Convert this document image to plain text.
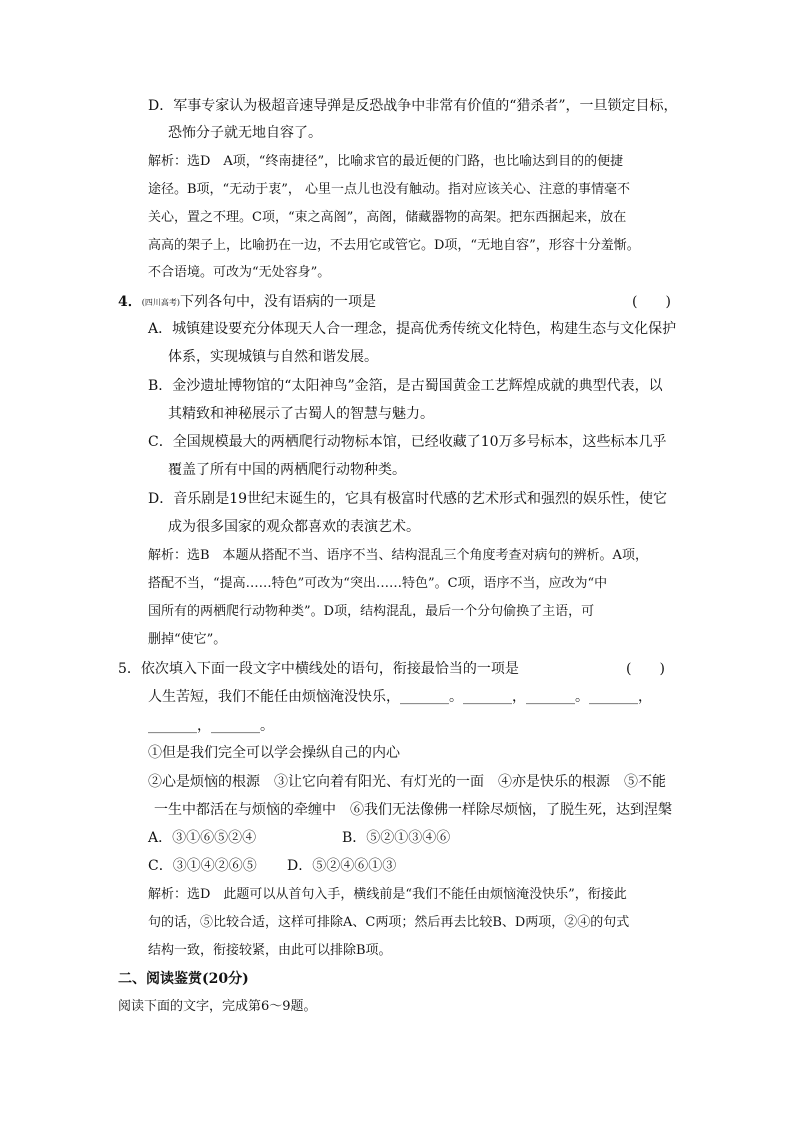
D．军事专家认为极超音速导弹是反恐战争中非常有价值的“猎杀者”，一旦锁定目标，
恐怖分子就无地自容了。
解析：选D　A项，“终南捷径”，比喻求官的最近便的门路，也比喻达到目的的便捷
途径。B项，“无动于衷”， 心里一点儿也没有触动。指对应该关心、注意的事情毫不
关心，置之不理。C项，“束之高阁”，高阁，储藏器物的高架。把东西捆起来，放在
高高的架子上，比喻扔在一边，不去用它或管它。D项，“无地自容”，形容十分羞惭。
不合语境。可改为“无处容身”。
4．(四川高考)下列各句中，没有语病的一项是	(　　)
A．城镇建设要充分体现天人合一理念，提高优秀传统文化特色，构建生态与文化保护
体系，实现城镇与自然和谐发展。
B．金沙遗址博物馆的“太阳神鸟”金箔，是古蜀国黄金工艺辉煌成就的典型代表，以
其精致和神秘展示了古蜀人的智慧与魅力。
C．全国规模最大的两栖爬行动物标本馆，已经收藏了10万多号标本，这些标本几乎
覆盖了所有中国的两栖爬行动物种类。
D．音乐剧是19世纪末诞生的，它具有极富时代感的艺术形式和强烈的娱乐性，使它
成为很多国家的观众都喜欢的表演艺术。
解析：选B　本题从搭配不当、语序不当、结构混乱三个角度考查对病句的辨析。A项，
搭配不当，“提高……特色”可改为“突出……特色”。C项，语序不当，应改为“中
国所有的两栖爬行动物种类”。D项，结构混乱，最后一个分句偷换了主语，可
删掉“使它”。
5．依次填入下面一段文字中横线处的语句，衔接最恰当的一项是	(　　)
人生苦短，我们不能任由烦恼淹没快乐，_______。_______，_______。_______，
_______，_______。
①但是我们完全可以学会操纵自己的内心
②心是烦恼的根源　③让它向着有阳光、有灯光的一面　④亦是快乐的根源　⑤不能
一生中都活在与烦恼的牵缠中　⑥我们无法像佛一样除尽烦恼，了脱生死，达到涅槃
A．③①⑥⑤②④	B．⑤②①③④⑥
C．③①④②⑥⑤ D．⑤②④⑥①③
解析：选D　此题可以从首句入手，横线前是“我们不能任由烦恼淹没快乐”，衔接此
句的话，⑤比较合适，这样可排除A、C两项；然后再去比较B、D两项，②④的句式
结构一致，衔接较紧，由此可以排除B项。
二、阅读鉴赏(20分)
阅读下面的文字，完成第6～9题。
